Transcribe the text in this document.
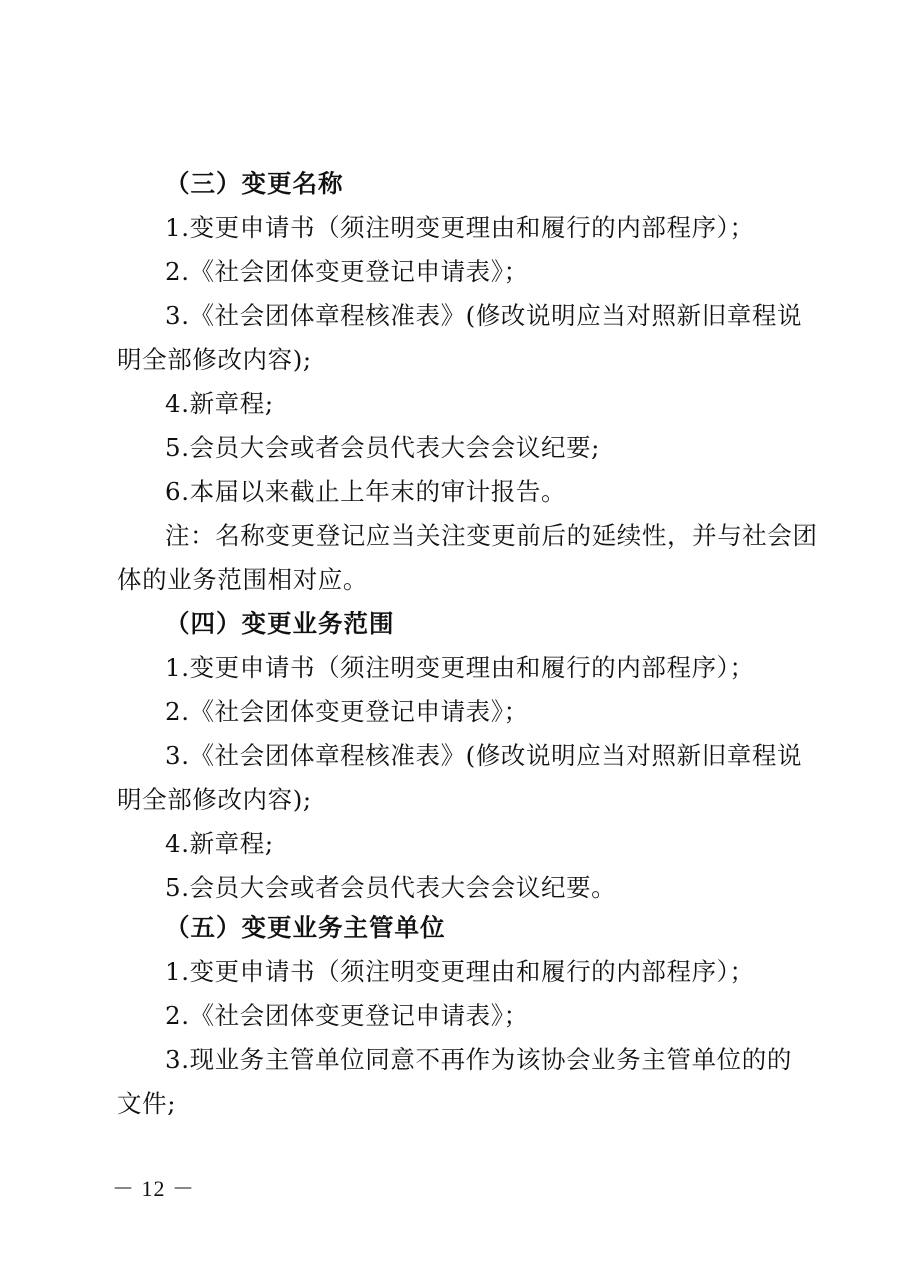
（三）变更名称
1.变更申请书（须注明变更理由和履行的内部程序）；
2.《社会团体变更登记申请表》；
3.《社会团体章程核准表》(修改说明应当对照新旧章程说
明全部修改内容);
4.新章程;
5.会员大会或者会员代表大会会议纪要;
6.本届以来截止上年末的审计报告。
注：名称变更登记应当关注变更前后的延续性，并与社会团
体的业务范围相对应。
（四）变更业务范围
1.变更申请书（须注明变更理由和履行的内部程序）；
2.《社会团体变更登记申请表》；
3.《社会团体章程核准表》(修改说明应当对照新旧章程说
明全部修改内容);
4.新章程;
5.会员大会或者会员代表大会会议纪要。
（五）变更业务主管单位
1.变更申请书（须注明变更理由和履行的内部程序）；
2.《社会团体变更登记申请表》；
3.现业务主管单位同意不再作为该协会业务主管单位的的
文件;
－ 12 －
